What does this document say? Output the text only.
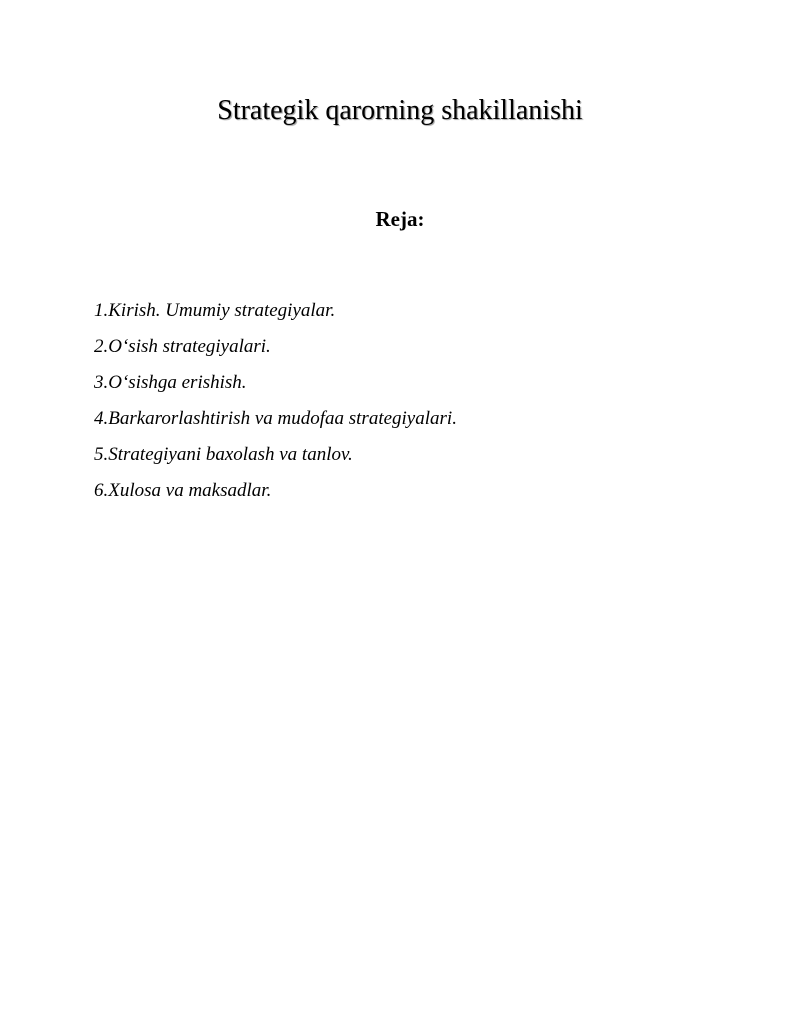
Strategik qarorning shakillanishi
Reja:
1.Kirish. Umumiy strategiyalar.
2.O‘sish strategiyalari.
3.O‘sishga erishish.
4.Barkarorlashtirish va mudofaa strategiyalari.
5.Strategiyani baxolash va tanlov.
6.Xulosa va maksadlar.
